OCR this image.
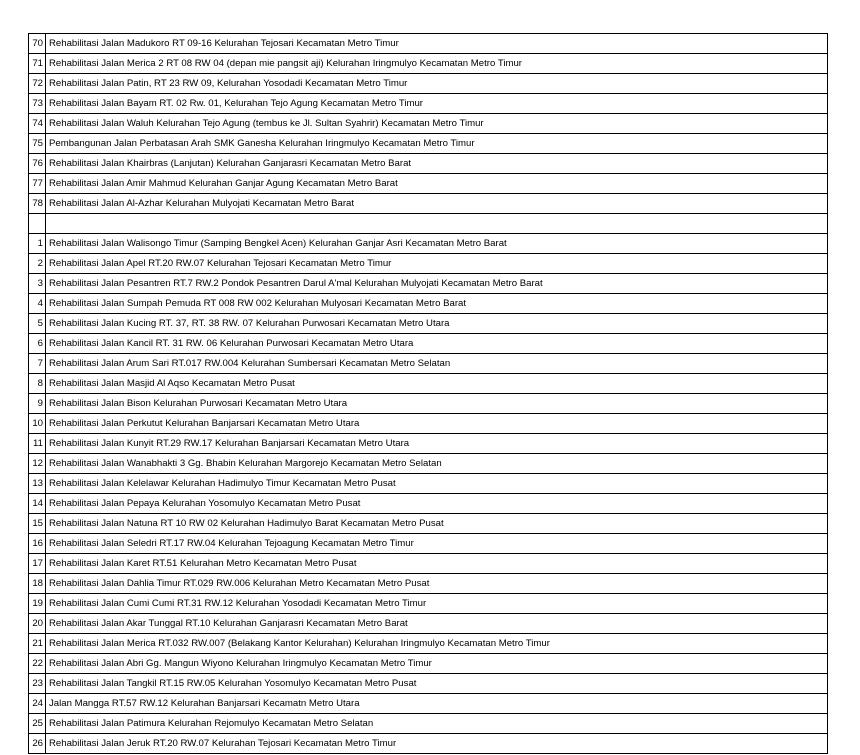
70	Rehabilitasi Jalan Madukoro RT 09-16 Kelurahan Tejosari Kecamatan Metro Timur
71	Rehabilitasi Jalan Merica 2 RT 08 RW 04 (depan mie pangsit aji) Kelurahan Iringmulyo Kecamatan Metro Timur
72	Rehabilitasi Jalan Patin, RT 23 RW 09, Kelurahan Yosodadi Kecamatan Metro Timur
73	Rehabilitasi Jalan Bayam RT. 02 Rw. 01, Kelurahan Tejo Agung Kecamatan Metro Timur
74	Rehabilitasi Jalan Waluh Kelurahan Tejo Agung (tembus ke Jl. Sultan Syahrir) Kecamatan Metro Timur
75	Pembangunan Jalan Perbatasan Arah SMK Ganesha Kelurahan Iringmulyo Kecamatan Metro Timur
76	Rehabilitasi Jalan Khairbras (Lanjutan) Kelurahan Ganjarasri Kecamatan Metro Barat
77	Rehabilitasi Jalan Amir Mahmud Kelurahan Ganjar Agung Kecamatan Metro Barat
78	Rehabilitasi Jalan Al-Azhar Kelurahan Mulyojati Kecamatan Metro Barat

1	Rehabilitasi Jalan Walisongo Timur (Samping Bengkel Acen) Kelurahan Ganjar Asri Kecamatan Metro Barat
2	Rehabilitasi Jalan Apel RT.20 RW.07 Kelurahan Tejosari Kecamatan Metro Timur
3	Rehabilitasi Jalan Pesantren RT.7 RW.2 Pondok Pesantren Darul A'mal Kelurahan Mulyojati Kecamatan Metro Barat
4	Rehabilitasi Jalan Sumpah Pemuda RT 008 RW 002 Kelurahan Mulyosari Kecamatan Metro Barat
5	Rehabilitasi Jalan Kucing RT. 37, RT. 38 RW. 07 Kelurahan Purwosari Kecamatan Metro Utara
6	Rehabilitasi Jalan Kancil RT. 31 RW. 06 Kelurahan Purwosari Kecamatan Metro Utara
7	Rehabilitasi Jalan Arum Sari RT.017 RW.004 Kelurahan Sumbersari Kecamatan Metro Selatan
8	Rehabilitasi Jalan Masjid Al Aqso Kecamatan Metro Pusat
9	Rehabilitasi Jalan Bison Kelurahan Purwosari Kecamatan Metro Utara
10	Rehabilitasi Jalan Perkutut Kelurahan Banjarsari Kecamatan Metro Utara
11	Rehabilitasi Jalan Kunyit RT.29 RW.17 Kelurahan Banjarsari Kecamatan Metro Utara
12	Rehabilitasi Jalan Wanabhakti 3 Gg. Bhabin Kelurahan Margorejo Kecamatan Metro Selatan
13	Rehabilitasi Jalan Kelelawar Kelurahan Hadimulyo Timur Kecamatan Metro Pusat
14	Rehabilitasi Jalan Pepaya Kelurahan Yosomulyo Kecamatan Metro Pusat
15	Rehabilitasi Jalan Natuna RT 10 RW 02 Kelurahan Hadimulyo Barat Kecamatan Metro Pusat
16	Rehabilitasi Jalan Seledri RT.17 RW.04 Kelurahan Tejoagung Kecamatan Metro Timur
17	Rehabilitasi Jalan Karet RT.51 Kelurahan Metro Kecamatan Metro Pusat
18	Rehabilitasi Jalan Dahlia Timur RT.029 RW.006 Kelurahan Metro Kecamatan Metro Pusat
19	Rehabilitasi Jalan Cumi Cumi RT.31 RW.12 Kelurahan Yosodadi Kecamatan Metro Timur
20	Rehabilitasi Jalan Akar Tunggal RT.10 Kelurahan Ganjarasri Kecamatan Metro Barat
21	Rehabilitasi Jalan Merica RT.032 RW.007 (Belakang Kantor Kelurahan) Kelurahan Iringmulyo Kecamatan Metro Timur
22	Rehabilitasi Jalan Abri Gg. Mangun Wiyono Kelurahan Iringmulyo Kecamatan Metro Timur
23	Rehabilitasi Jalan Tangkil RT.15 RW.05 Kelurahan Yosomulyo Kecamatan Metro Pusat
24	Jalan Mangga RT.57 RW.12 Kelurahan Banjarsari Kecamatn Metro Utara
25	Rehabilitasi Jalan Patimura Kelurahan Rejomulyo Kecamatan Metro Selatan
26	Rehabilitasi Jalan Jeruk RT.20 RW.07 Kelurahan Tejosari Kecamatan Metro Timur
